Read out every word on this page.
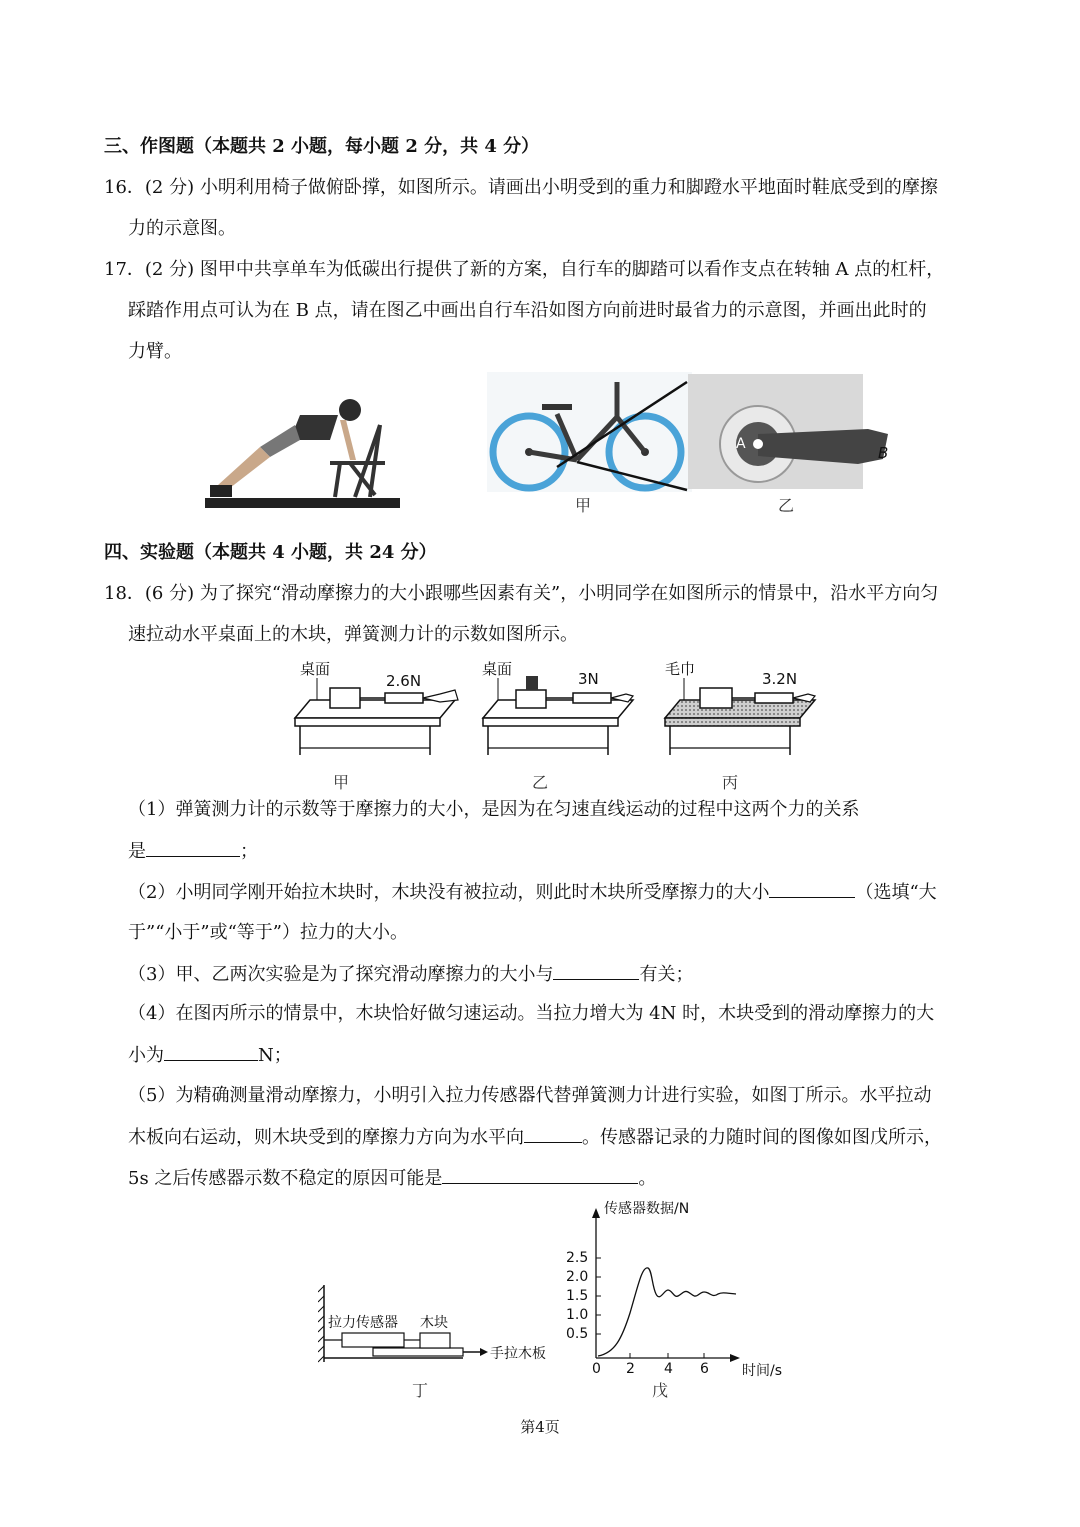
三、作图题（本题共 2 小题，每小题 2 分，共 4 分）
16．(2 分) 小明利用椅子做俯卧撑，如图所示。请画出小明受到的重力和脚蹬水平地面时鞋底受到的摩擦
力的示意图。
17．(2 分) 图甲中共享单车为低碳出行提供了新的方案，自行车的脚踏可以看作支点在转轴 A 点的杠杆，
踩踏作用点可认为在 B 点，请在图乙中画出自行车沿如图方向前进时最省力的示意图，并画出此时的
力臂。
甲
A	B
乙
四、实验题（本题共 4 小题，共 24 分）
18．(6 分) 为了探究“滑动摩擦力的大小跟哪些因素有关”，小明同学在如图所示的情景中，沿水平方向匀
速拉动水平桌面上的木块，弹簧测力计的示数如图所示。
桌面
2.6N
甲
桌面
3N
乙
毛巾
3.2N
丙
（1）弹簧测力计的示数等于摩擦力的大小，是因为在匀速直线运动的过程中这两个力的关系
是	；
（2）小明同学刚开始拉木块时，木块没有被拉动，则此时木块所受摩擦力的大小	（选填“大
于”“小于”或“等于”）拉力的大小。
（3）甲、乙两次实验是为了探究滑动摩擦力的大小与	有关；
（4）在图丙所示的情景中，木块恰好做匀速运动。当拉力增大为 4N 时，木块受到的滑动摩擦力的大
小为	N；
（5）为精确测量滑动摩擦力，小明引入拉力传感器代替弹簧测力计进行实验，如图丁所示。水平拉动
木板向右运动，则木块受到的摩擦力方向为水平向	。传感器记录的力随时间的图像如图戊所示，
5s 之后传感器示数不稳定的原因可能是	。
拉力传感器 木块
手拉木板
丁
传感器数据/N
时间/s
2.5
2.0
1.5
1.0
0.5
0 2 4 6
戊
第4页
